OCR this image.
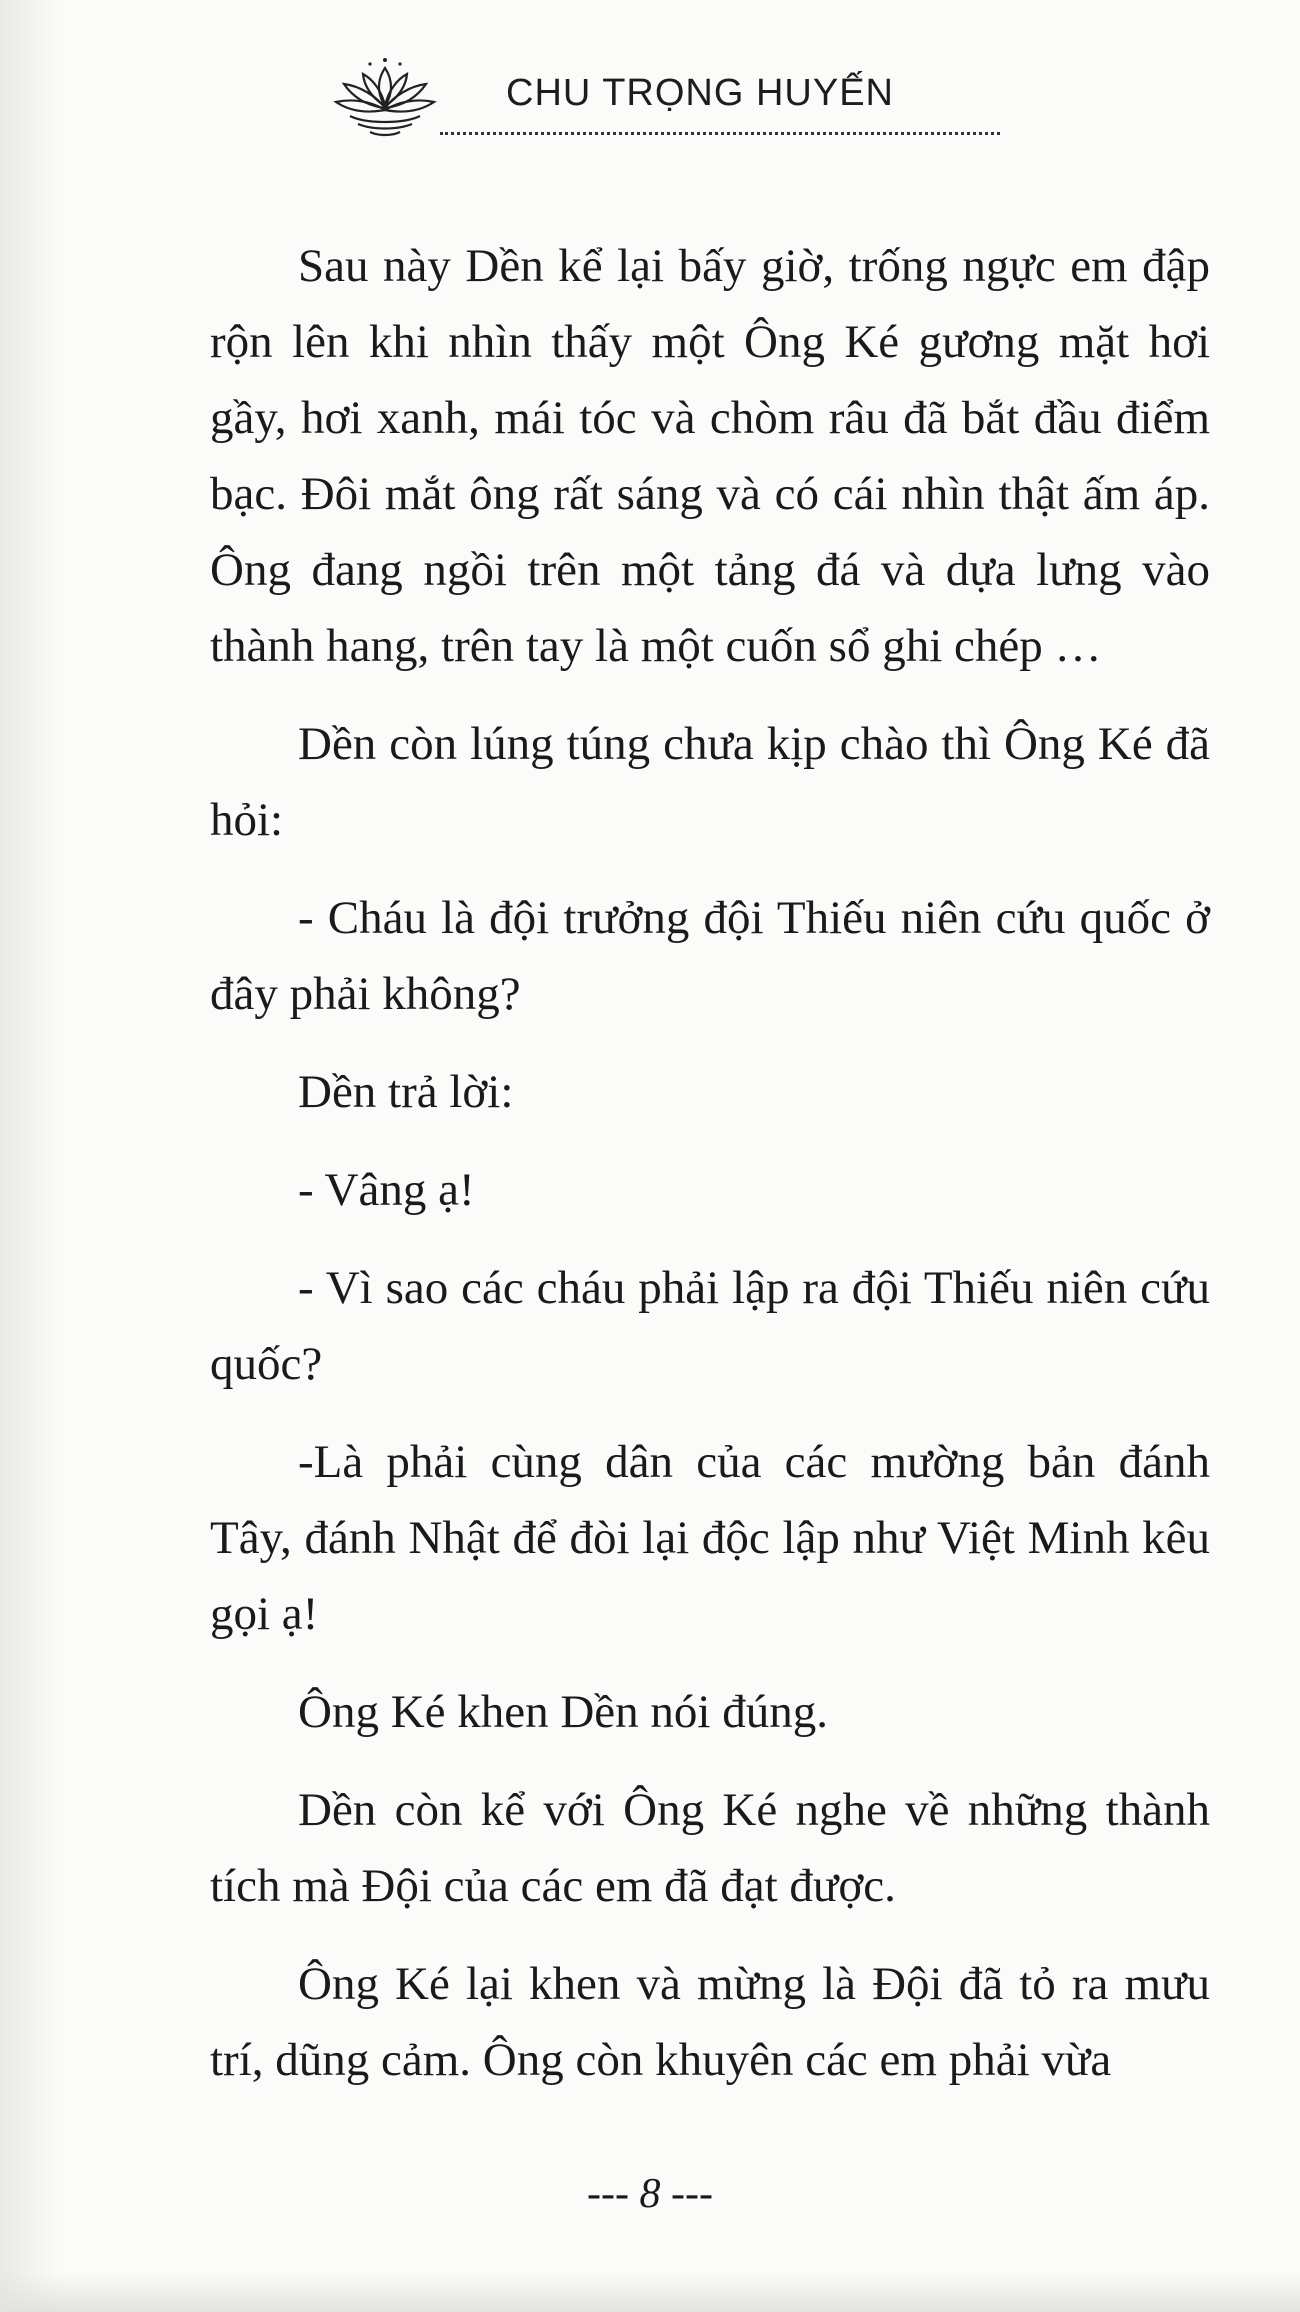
CHU TRỌNG HUYẾN

Sau này Dền kể lại bấy giờ, trống ngực em đập rộn lên khi nhìn thấy một Ông Ké gương mặt hơi gầy, hơi xanh, mái tóc và chòm râu đã bắt đầu điểm bạc. Đôi mắt ông rất sáng và có cái nhìn thật ấm áp. Ông đang ngồi trên một tảng đá và dựa lưng vào thành hang, trên tay là một cuốn sổ ghi chép …

Dền còn lúng túng chưa kịp chào thì Ông Ké đã hỏi:

- Cháu là đội trưởng đội Thiếu niên cứu quốc ở đây phải không?

Dền trả lời:

- Vâng ạ!

- Vì sao các cháu phải lập ra đội Thiếu niên cứu quốc?

-Là phải cùng dân của các mường bản đánh Tây, đánh Nhật để đòi lại độc lập như Việt Minh kêu gọi ạ!

Ông Ké khen Dền nói đúng.

Dền còn kể với Ông Ké nghe về những thành tích mà Đội của các em đã đạt được.

Ông Ké lại khen và mừng là Đội đã tỏ ra mưu trí, dũng cảm. Ông còn khuyên các em phải vừa

--- 8 ---
